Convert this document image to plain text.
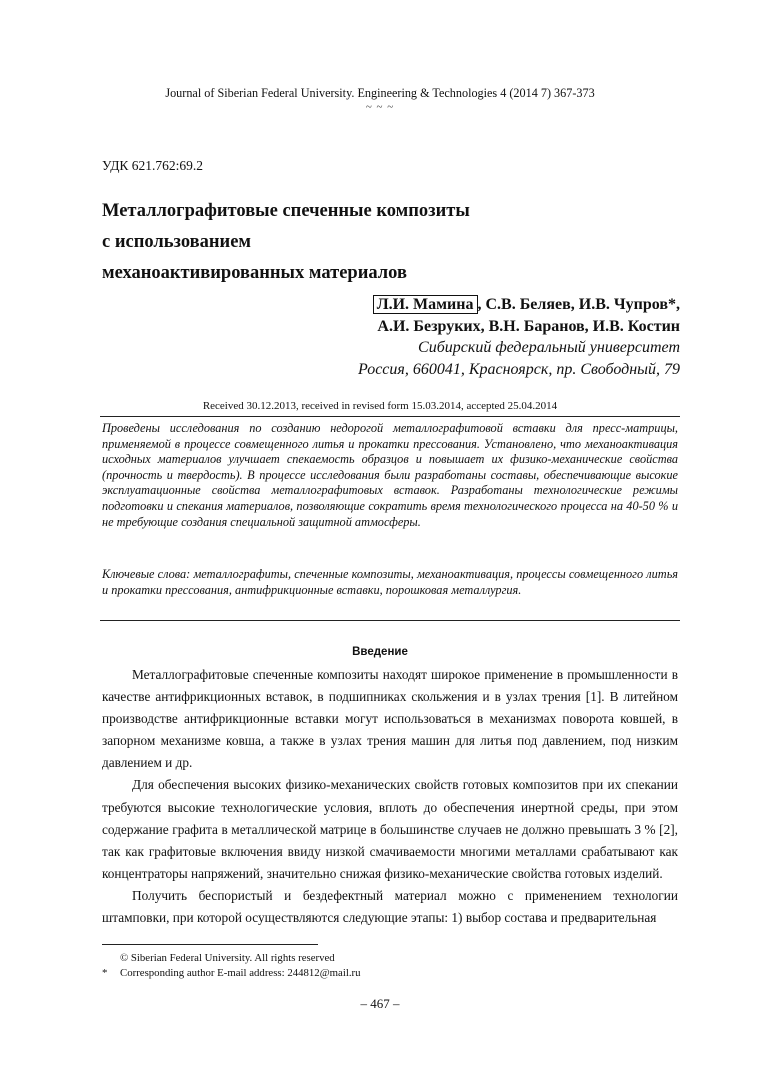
Journal of Siberian Federal University. Engineering & Technologies 4 (2014 7) 367-373
~ ~ ~
УДК 621.762:69.2
Металлографитовые спеченные композиты
с использованием
механоактивированных материалов
Л.И. Мамина , С.В. Беляев, И.В. Чупров*,
А.И. Безруких, В.Н. Баранов, И.В. Костин
Сибирский федеральный университет
Россия, 660041, Красноярск, пр. Свободный, 79
Received 30.12.2013, received in revised form 15.03.2014, accepted 25.04.2014
Проведены исследования по созданию недорогой металлографитовой вставки для пресс-матрицы, применяемой в процессе совмещенного литья и прокатки прессования. Установлено, что механоактивация исходных материалов улучшает спекаемость образцов и повышает их физико-механические свойства (прочность и твердость). В процессе исследования были разработаны составы, обеспечивающие высокие эксплуатационные свойства металлографитовых вставок. Разработаны технологические режимы подготовки и спекания материалов, позволяющие сократить время технологического процесса на 40-50 % и не требующие создания специальной защитной атмосферы.
Ключевые слова: металлографиты, спеченные композиты, механоактивация, процессы совмещенного литья и прокатки прессования, антифрикционные вставки, порошковая металлургия.
Введение

Металлографитовые спеченные композиты находят широкое применение в промышленности в качестве антифрикционных вставок, в подшипниках скольжения и в узлах трения [1]. В литейном производстве антифрикционные вставки могут использоваться в механизмах поворота ковшей, в запорном механизме ковша, а также в узлах трения машин для литья под давлением, под низким давлением и др.

Для обеспечения высоких физико-механических свойств готовых композитов при их спекании требуются высокие технологические условия, вплоть до обеспечения инертной среды, при этом содержание графита в металлической матрице в большинстве случаев не должно превышать 3 % [2], так как графитовые включения ввиду низкой смачиваемости многими металлами срабатывают как концентраторы напряжений, значительно снижая физико-механические свойства готовых изделий.

Получить беспористый и бездефектный материал можно с применением технологии штамповки, при которой осуществляются следующие этапы: 1) выбор состава и предварительная

© Siberian Federal University. All rights reserved
* Corresponding author E-mail address: 244812@mail.ru
– 467 –
